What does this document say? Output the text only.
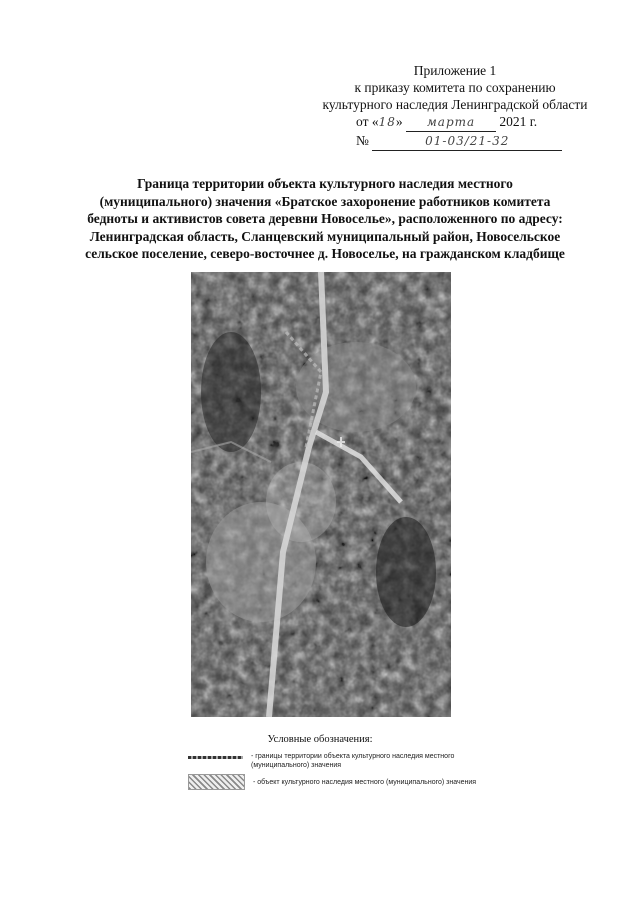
Приложение 1
к приказу комитета по сохранению
культурного наследия Ленинградской области
от «18» марта 2021 г.
№	01-03/21-32
Граница территории объекта культурного наследия местного
(муниципального) значения «Братское захоронение работников комитета
бедноты и активистов совета деревни Новоселье», расположенного по адресу:
Ленинградская область, Сланцевский муниципальный район, Новосельское
сельское поселение, северо-восточнее д. Новоселье, на гражданском кладбище
Условные обозначения:
- границы территории объекта культурного наследия местного (муниципального) значения
- объект культурного наследия местного (муниципального) значения
